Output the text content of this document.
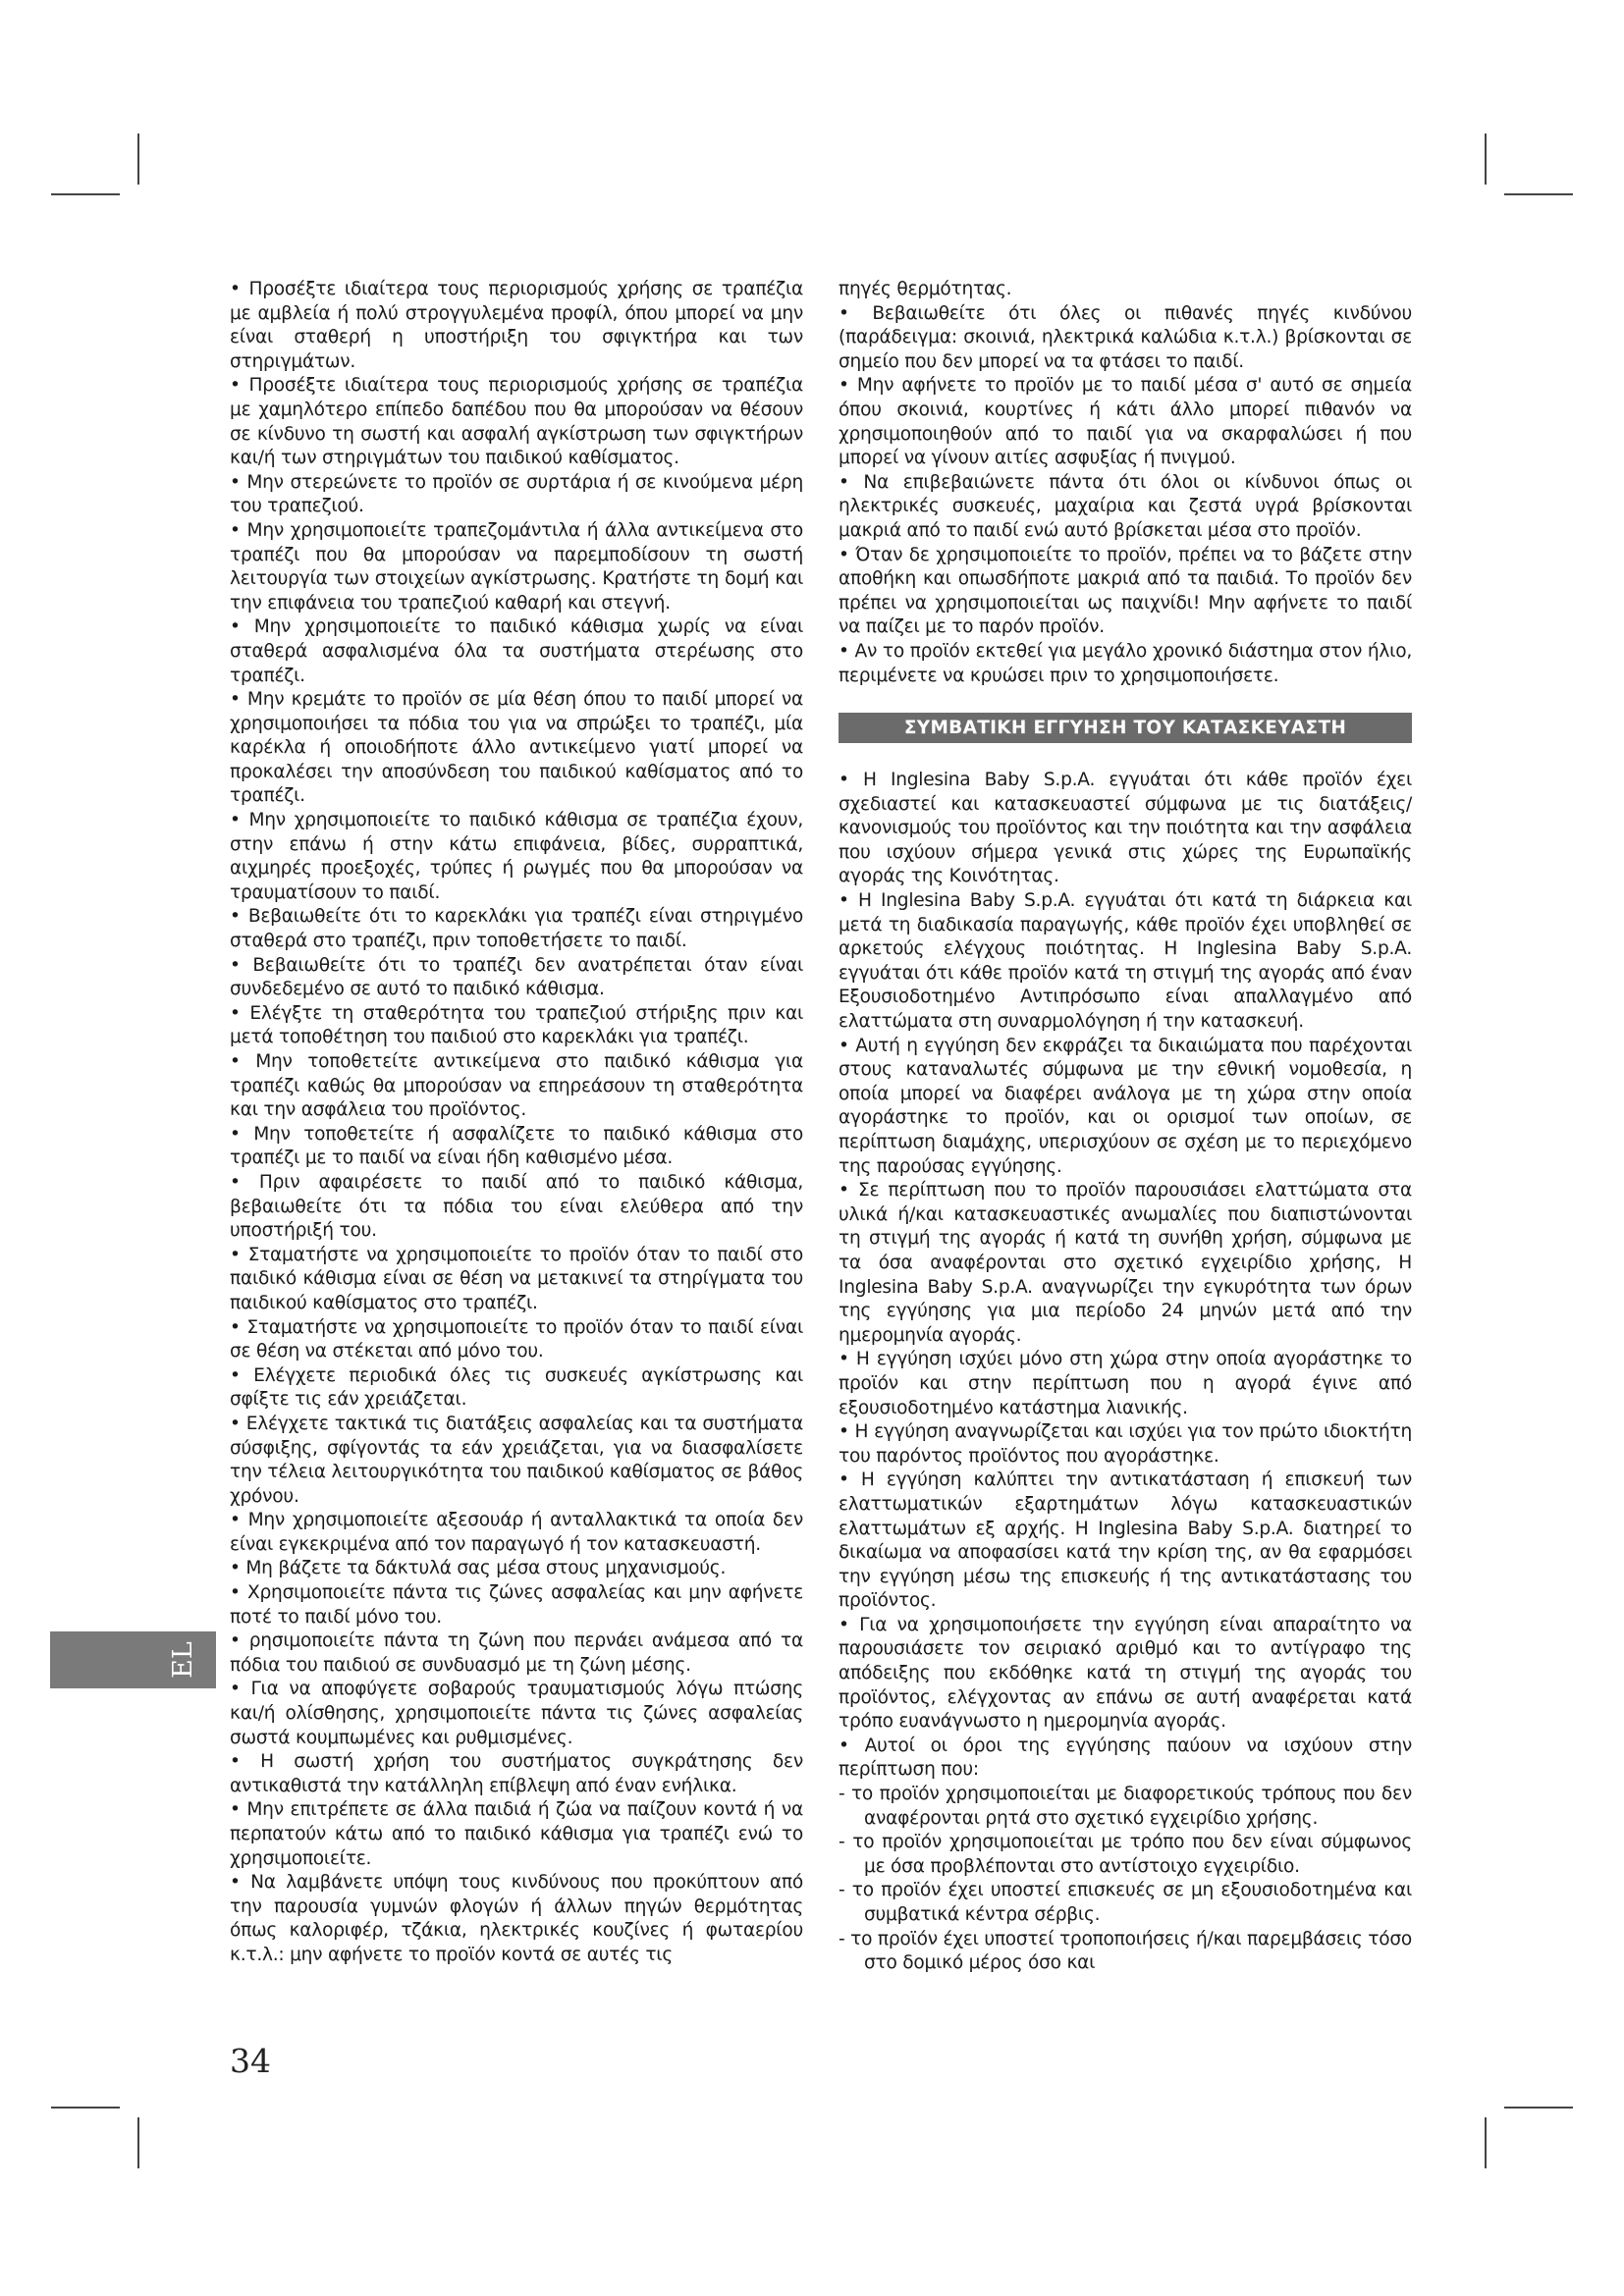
• Προσέξτε ιδιαίτερα τους περιορισμούς χρήσης σε τραπέζια με αμβλεία ή πολύ στρογγυλεμένα προφίλ, όπου μπορεί να μην είναι σταθερή η υποστήριξη του σφιγκτήρα και των στηριγμάτων.

• Προσέξτε ιδιαίτερα τους περιορισμούς χρήσης σε τραπέζια με χαμηλότερο επίπεδο δαπέδου που θα μπορούσαν να θέσουν σε κίνδυνο τη σωστή και ασφαλή αγκίστρωση των σφιγκτήρων και/ή των στηριγμάτων του παιδικού καθίσματος.

• Μην στερεώνετε το προϊόν σε συρτάρια ή σε κινούμενα μέρη του τραπεζιού.

• Μην χρησιμοποιείτε τραπεζομάντιλα ή άλλα αντικείμενα στο τραπέζι που θα μπορούσαν να παρεμποδίσουν τη σωστή λειτουργία των στοιχείων αγκίστρωσης. Κρατήστε τη δομή και την επιφάνεια του τραπεζιού καθαρή και στεγνή.

• Μην χρησιμοποιείτε το παιδικό κάθισμα χωρίς να είναι σταθερά ασφαλισμένα όλα τα συστήματα στερέωσης στο τραπέζι.

• Μην κρεμάτε το προϊόν σε μία θέση όπου το παιδί μπορεί να χρησιμοποιήσει τα πόδια του για να σπρώξει το τραπέζι, μία καρέκλα ή οποιοδήποτε άλλο αντικείμενο γιατί μπορεί να προκαλέσει την αποσύνδεση του παιδικού καθίσματος από το τραπέζι.

• Μην χρησιμοποιείτε το παιδικό κάθισμα σε τραπέζια έχουν, στην επάνω ή στην κάτω επιφάνεια, βίδες, συρραπτικά, αιχμηρές προεξοχές, τρύπες ή ρωγμές που θα μπορούσαν να τραυματίσουν το παιδί.

• Βεβαιωθείτε ότι το καρεκλάκι για τραπέζι είναι στηριγμένο σταθερά στο τραπέζι, πριν τοποθετήσετε το παιδί.

• Βεβαιωθείτε ότι το τραπέζι δεν ανατρέπεται όταν είναι συνδεδεμένο σε αυτό το παιδικό κάθισμα.

• Ελέγξτε τη σταθερότητα του τραπεζιού στήριξης πριν και μετά τοποθέτηση του παιδιού στο καρεκλάκι για τραπέζι.

• Μην τοποθετείτε αντικείμενα στο παιδικό κάθισμα για τραπέζι καθώς θα μπορούσαν να επηρεάσουν τη σταθερότητα και την ασφάλεια του προϊόντος.

• Μην τοποθετείτε ή ασφαλίζετε το παιδικό κάθισμα στο τραπέζι με το παιδί να είναι ήδη καθισμένο μέσα.

• Πριν αφαιρέσετε το παιδί από το παιδικό κάθισμα, βεβαιωθείτε ότι τα πόδια του είναι ελεύθερα από την υποστήριξή του.

• Σταματήστε να χρησιμοποιείτε το προϊόν όταν το παιδί στο παιδικό κάθισμα είναι σε θέση να μετακινεί τα στηρίγματα του παιδικού καθίσματος στο τραπέζι.

• Σταματήστε να χρησιμοποιείτε το προϊόν όταν το παιδί είναι σε θέση να στέκεται από μόνο του.

• Ελέγχετε περιοδικά όλες τις συσκευές αγκίστρωσης και σφίξτε τις εάν χρειάζεται.

• Ελέγχετε τακτικά τις διατάξεις ασφαλείας και τα συστήματα σύσφιξης, σφίγοντάς τα εάν χρειάζεται, για να διασφαλίσετε την τέλεια λειτουργικότητα του παιδικού καθίσματος σε βάθος χρόνου.

• Μην χρησιμοποιείτε αξεσουάρ ή ανταλλακτικά τα οποία δεν είναι εγκεκριμένα από τον παραγωγό ή τον κατασκευαστή.

• Μη βάζετε τα δάκτυλά σας μέσα στους μηχανισμούς.

• Χρησιμοποιείτε πάντα τις ζώνες ασφαλείας και μην αφήνετε ποτέ το παιδί μόνο του.

• ρησιμοποιείτε πάντα τη ζώνη που περνάει ανάμεσα από τα πόδια του παιδιού σε συνδυασμό με τη ζώνη μέσης.

• Για να αποφύγετε σοβαρούς τραυματισμούς λόγω πτώσης και/ή ολίσθησης, χρησιμοποιείτε πάντα τις ζώνες ασφαλείας σωστά κουμπωμένες και ρυθμισμένες.

• Η σωστή χρήση του συστήματος συγκράτησης δεν αντικαθιστά την κατάλληλη επίβλεψη από έναν ενήλικα.

• Μην επιτρέπετε σε άλλα παιδιά ή ζώα να παίζουν κοντά ή να περπατούν κάτω από το παιδικό κάθισμα για τραπέζι ενώ το χρησιμοποιείτε.

• Να λαμβάνετε υπόψη τους κινδύνους που προκύπτουν από την παρουσία γυμνών φλογών ή άλλων πηγών θερμότητας όπως καλοριφέρ, τζάκια, ηλεκτρικές κουζίνες ή φωταερίου κ.τ.λ.: μην αφήνετε το προϊόν κοντά σε αυτές τις

πηγές θερμότητας.

• Βεβαιωθείτε ότι όλες οι πιθανές πηγές κινδύνου (παράδειγμα: σκοινιά, ηλεκτρικά καλώδια κ.τ.λ.) βρίσκονται σε σημείο που δεν μπορεί να τα φτάσει το παιδί.

• Μην αφήνετε το προϊόν με το παιδί μέσα σ' αυτό σε σημεία όπου σκοινιά, κουρτίνες ή κάτι άλλο μπορεί πιθανόν να χρησιμοποιηθούν από το παιδί για να σκαρφαλώσει ή που μπορεί να γίνουν αιτίες ασφυξίας ή πνιγμού.

• Να επιβεβαιώνετε πάντα ότι όλοι οι κίνδυνοι όπως οι ηλεκτρικές συσκευές, μαχαίρια και ζεστά υγρά βρίσκονται μακριά από το παιδί ενώ αυτό βρίσκεται μέσα στο προϊόν.

• Όταν δε χρησιμοποιείτε το προϊόν, πρέπει να το βάζετε στην αποθήκη και οπωσδήποτε μακριά από τα παιδιά. Το προϊόν δεν πρέπει να χρησιμοποιείται ως παιχνίδι! Μην αφήνετε το παιδί να παίζει με το παρόν προϊόν.

• Αν το προϊόν εκτεθεί για μεγάλο χρονικό διάστημα στον ήλιο, περιμένετε να κρυώσει πριν το χρησιμοποιήσετε.

ΣΥΜΒΑΤΙΚΗ ΕΓΓΥΗΣΗ ΤΟΥ ΚΑΤΑΣΚΕΥΑΣΤΗ

• Η Inglesina Baby S.p.A. εγγυάται ότι κάθε προϊόν έχει σχεδιαστεί και κατασκευαστεί σύμφωνα με τις διατάξεις/ κανονισμούς του προϊόντος και την ποιότητα και την ασφάλεια που ισχύουν σήμερα γενικά στις χώρες της Ευρωπαϊκής αγοράς της Κοινότητας.

• Η Inglesina Baby S.p.A. εγγυάται ότι κατά τη διάρκεια και μετά τη διαδικασία παραγωγής, κάθε προϊόν έχει υποβληθεί σε αρκετούς ελέγχους ποιότητας. Η Inglesina Baby S.p.A. εγγυάται ότι κάθε προϊόν κατά τη στιγμή της αγοράς από έναν Εξουσιοδοτημένο Αντιπρόσωπο είναι απαλλαγμένο από ελαττώματα στη συναρμολόγηση ή την κατασκευή.

• Αυτή η εγγύηση δεν εκφράζει τα δικαιώματα που παρέχονται στους καταναλωτές σύμφωνα με την εθνική νομοθεσία, η οποία μπορεί να διαφέρει ανάλογα με τη χώρα στην οποία αγοράστηκε το προϊόν, και οι ορισμοί των οποίων, σε περίπτωση διαμάχης, υπερισχύουν σε σχέση με το περιεχόμενο της παρούσας εγγύησης.

• Σε περίπτωση που το προϊόν παρουσιάσει ελαττώματα στα υλικά ή/και κατασκευαστικές ανωμαλίες που διαπιστώνονται τη στιγμή της αγοράς ή κατά τη συνήθη χρήση, σύμφωνα με τα όσα αναφέρονται στο σχετικό εγχειρίδιο χρήσης, Η Inglesina Baby S.p.A. αναγνωρίζει την εγκυρότητα των όρων της εγγύησης για μια περίοδο 24 μηνών μετά από την ημερομηνία αγοράς.

• Η εγγύηση ισχύει μόνο στη χώρα στην οποία αγοράστηκε το προϊόν και στην περίπτωση που η αγορά έγινε από εξουσιοδοτημένο κατάστημα λιανικής.

• Η εγγύηση αναγνωρίζεται και ισχύει για τον πρώτο ιδιοκτήτη του παρόντος προϊόντος που αγοράστηκε.

• Η εγγύηση καλύπτει την αντικατάσταση ή επισκευή των ελαττωματικών εξαρτημάτων λόγω κατασκευαστικών ελαττωμάτων εξ αρχής. Η Inglesina Baby S.p.A. διατηρεί το δικαίωμα να αποφασίσει κατά την κρίση της, αν θα εφαρμόσει την εγγύηση μέσω της επισκευής ή της αντικατάστασης του προϊόντος.

• Για να χρησιμοποιήσετε την εγγύηση είναι απαραίτητο να παρουσιάσετε τον σειριακό αριθμό και το αντίγραφο της απόδειξης που εκδόθηκε κατά τη στιγμή της αγοράς του προϊόντος, ελέγχοντας αν επάνω σε αυτή αναφέρεται κατά τρόπο ευανάγνωστο η ημερομηνία αγοράς.

• Αυτοί οι όροι της εγγύησης παύουν να ισχύουν στην περίπτωση που:

- το προϊόν χρησιμοποιείται με διαφορετικούς τρόπους που δεν αναφέρονται ρητά στο σχετικό εγχειρίδιο χρήσης.

- το προϊόν χρησιμοποιείται με τρόπο που δεν είναι σύμφωνος με όσα προβλέπονται στο αντίστοιχο εγχειρίδιο.

- το προϊόν έχει υποστεί επισκευές σε μη εξουσιοδοτημένα και συμβατικά κέντρα σέρβις.

- το προϊόν έχει υποστεί τροποποιήσεις ή/και παρεμβάσεις τόσο στο δομικό μέρος όσο και

EL
34
